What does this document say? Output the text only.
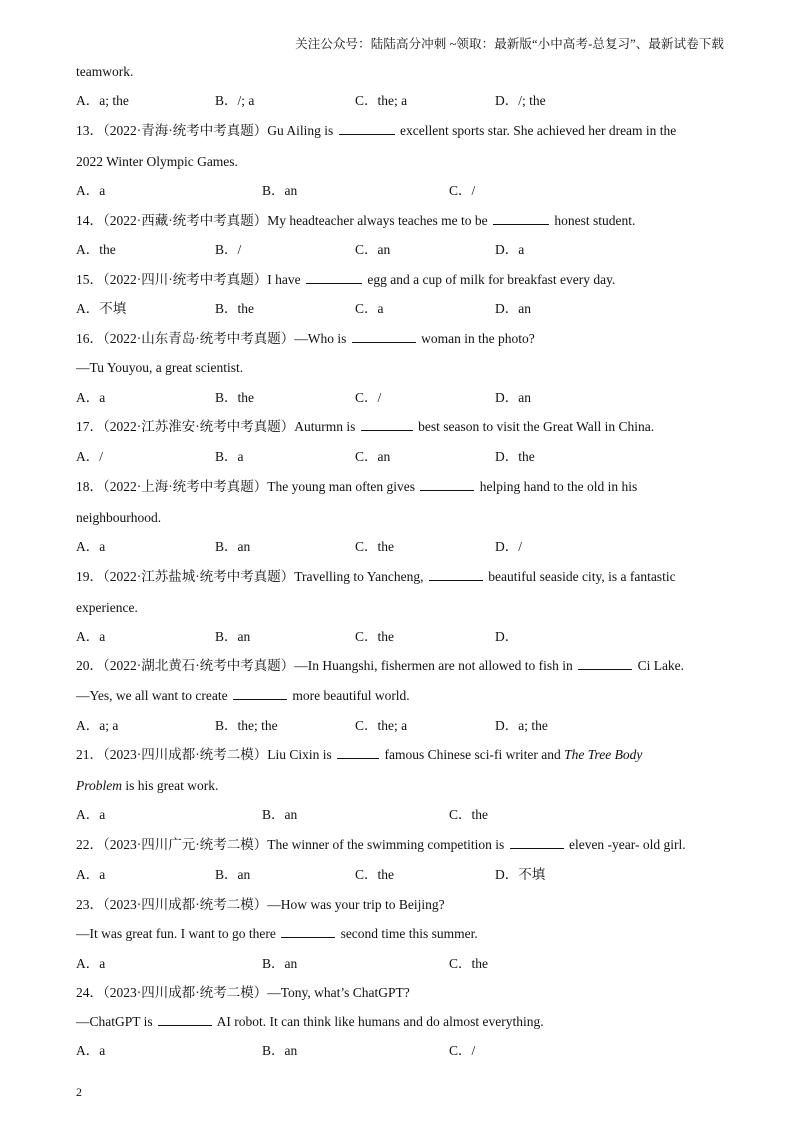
关注公众号：陆陆高分冲刺 ~领取：最新版“小中高考-总复习”、最新试卷下载
teamwork.
A．a; the	B．/; a	C．the; a	D．/; the
13．（2022·青海·统考中考真题）Gu Ailing is	excellent sports star. She achieved her dream in the
2022 Winter Olympic Games.
A．a	B．an	C．/
14．（2022·西藏·统考中考真题）My headteacher always teaches me to be	honest student.
A．the	B．/	C．an	D．a
15．（2022·四川·统考中考真题）I have	egg and a cup of milk for breakfast every day.
A．不填	B．the	C．a	D．an
16．（2022·山东青岛·统考中考真题）—Who is	woman in the photo?
—Tu Youyou, a great scientist.
A．a	B．the	C．/	D．an
17．（2022·江苏淮安·统考中考真题）Auturmn is	best season to visit the Great Wall in China.
A．/	B．a	C．an	D．the
18．（2022·上海·统考中考真题）The young man often gives	helping hand to the old in his
neighbourhood.
A．a	B．an	C．the	D．/
19．（2022·江苏盐城·统考中考真题）Travelling to Yancheng,	beautiful seaside city, is a fantastic
experience.
A．a	B．an	C．the	D．
20．（2022·湖北黄石·统考中考真题）—In Huangshi, fishermen are not allowed to fish in	Ci Lake.
—Yes, we all want to create	more beautiful world.
A．a; a	B．the; the	C．the; a	D．a; the
21．（2023·四川成都·统考二模）Liu Cixin is	famous Chinese sci-fi writer and The Tree Body
Problem is his great work.
A．a	B．an	C．the
22．（2023·四川广元·统考二模）The winner of the swimming competition is	eleven -year- old girl.
A．a	B．an	C．the	D．不填
23．（2023·四川成都·统考二模）—How was your trip to Beijing?
—It was great fun. I want to go there	second time this summer.
A．a	B．an	C．the
24．（2023·四川成都·统考二模）—Tony, what’s ChatGPT?
—ChatGPT is	AI robot. It can think like humans and do almost everything.
A．a	B．an	C．/
2
